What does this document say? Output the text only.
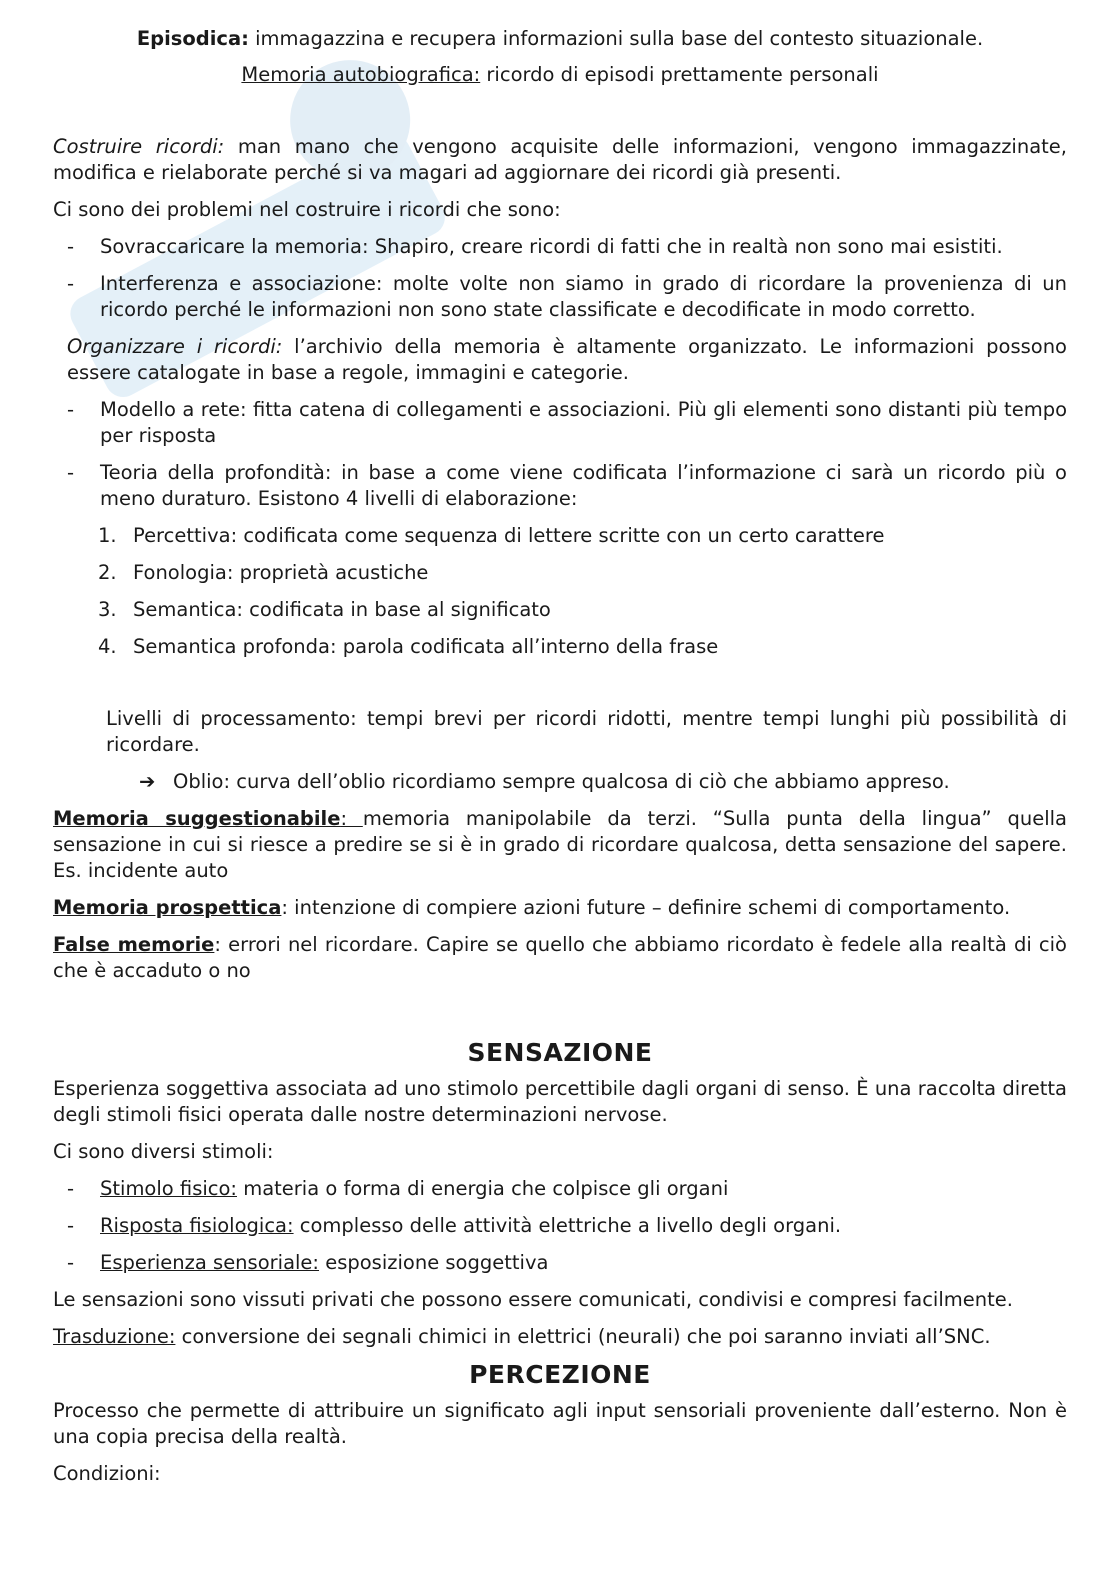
Episodica: immagazzina e recupera informazioni sulla base del contesto situazionale.

Memoria autobiografica: ricordo di episodi prettamente personali

Costruire ricordi: man mano che vengono acquisite delle informazioni, vengono immagazzinate, modifica e rielaborate perché si va magari ad aggiornare dei ricordi già presenti.

Ci sono dei problemi nel costruire i ricordi che sono:

- Sovraccaricare la memoria: Shapiro, creare ricordi di fatti che in realtà non sono mai esistiti.
- Interferenza e associazione: molte volte non siamo in grado di ricordare la provenienza di un ricordo perché le informazioni non sono state classificate e decodificate in modo corretto.

Organizzare i ricordi: l’archivio della memoria è altamente organizzato. Le informazioni possono essere catalogate in base a regole, immagini e categorie.

- Modello a rete: fitta catena di collegamenti e associazioni. Più gli elementi sono distanti più tempo per risposta
- Teoria della profondità: in base a come viene codificata l’informazione ci sarà un ricordo più o meno duraturo. Esistono 4 livelli di elaborazione:
1. Percettiva: codificata come sequenza di lettere scritte con un certo carattere
2. Fonologia: proprietà acustiche
3. Semantica: codificata in base al significato
4. Semantica profonda: parola codificata all’interno della frase

Livelli di processamento: tempi brevi per ricordi ridotti, mentre tempi lunghi più possibilità di ricordare.

➔ Oblio: curva dell’oblio ricordiamo sempre qualcosa di ciò che abbiamo appreso.

Memoria suggestionabile: memoria manipolabile da terzi. “Sulla punta della lingua” quella sensazione in cui si riesce a predire se si è in grado di ricordare qualcosa, detta sensazione del sapere. Es. incidente auto

Memoria prospettica: intenzione di compiere azioni future – definire schemi di comportamento.

False memorie: errori nel ricordare. Capire se quello che abbiamo ricordato è fedele alla realtà di ciò che è accaduto o no

SENSAZIONE

Esperienza soggettiva associata ad uno stimolo percettibile dagli organi di senso. È una raccolta diretta degli stimoli fisici operata dalle nostre determinazioni nervose.

Ci sono diversi stimoli:

- Stimolo fisico: materia o forma di energia che colpisce gli organi
- Risposta fisiologica: complesso delle attività elettriche a livello degli organi.
- Esperienza sensoriale: esposizione soggettiva

Le sensazioni sono vissuti privati che possono essere comunicati, condivisi e compresi facilmente.

Trasduzione: conversione dei segnali chimici in elettrici (neurali) che poi saranno inviati all’SNC.

PERCEZIONE

Processo che permette di attribuire un significato agli input sensoriali proveniente dall’esterno. Non è una copia precisa della realtà.

Condizioni:
